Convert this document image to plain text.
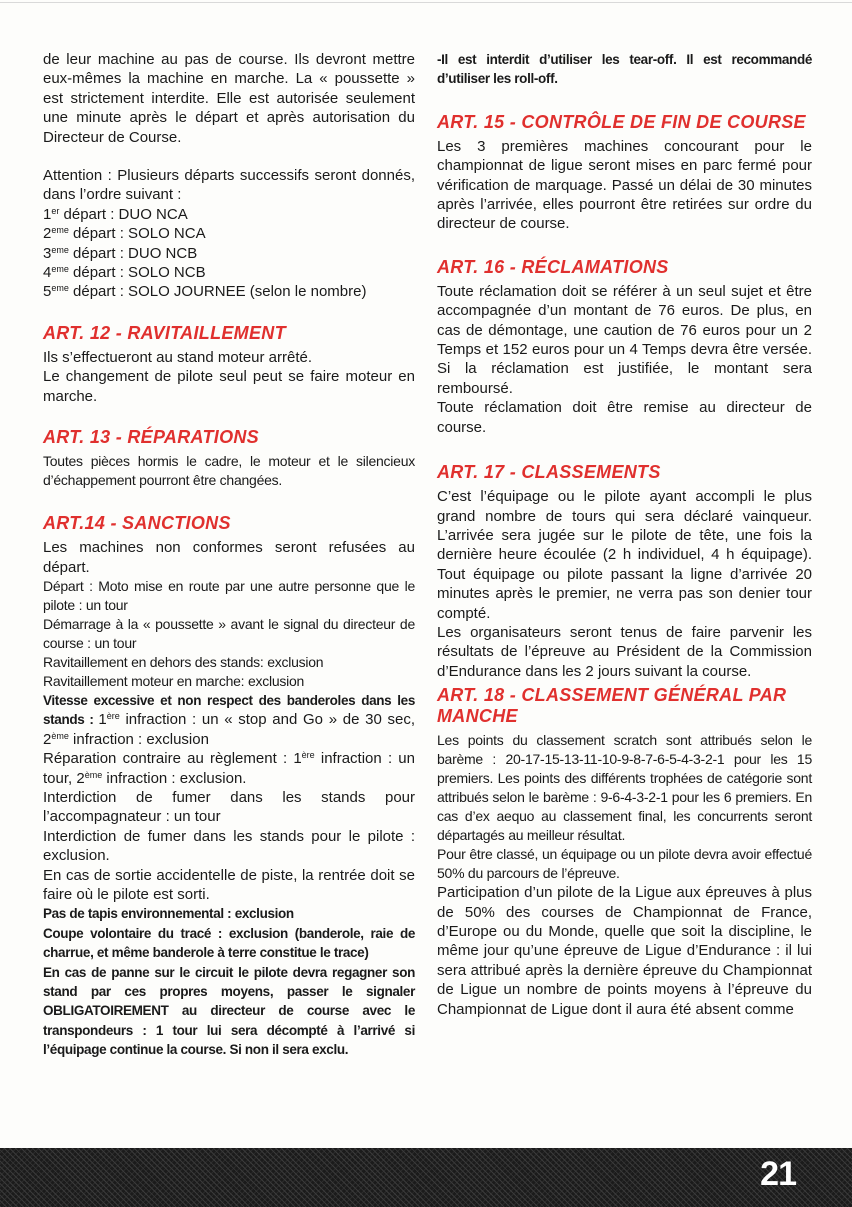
de leur machine au pas de course. Ils devront mettre eux-mêmes la machine en marche. La « poussette » est strictement interdite. Elle est autorisée seulement une minute après le départ et après autorisation du Directeur de Course.

Attention : Plusieurs départs successifs seront donnés, dans l’ordre suivant :

1er départ : DUO NCA

2eme départ : SOLO NCA

3eme départ : DUO NCB

4eme départ : SOLO NCB

5eme départ : SOLO JOURNEE (selon le nombre)

ART. 12 - RAVITAILLEMENT

Ils s’effectueront au stand moteur arrêté.

Le changement de pilote seul peut se faire moteur en marche.

ART. 13 - RÉPARATIONS

Toutes pièces hormis le cadre, le moteur et le silencieux d’échappement pourront être changées.

ART.14 - SANCTIONS

Les machines non conformes seront refusées au départ.

Départ : Moto mise en route par une autre personne que le pilote : un tour

Démarrage à la « poussette » avant le signal du directeur de course : un tour

Ravitaillement en dehors des stands: exclusion

Ravitaillement moteur en marche: exclusion

Vitesse excessive et non respect des banderoles dans les stands : 1ère infraction : un « stop and Go » de 30 sec, 2ème infraction : exclusion

Réparation contraire au règlement : 1ère infraction : un tour, 2ème infraction : exclusion.

Interdiction de fumer dans les stands pour l’accompagnateur : un tour

Interdiction de fumer dans les stands pour le pilote : exclusion.

En cas de sortie accidentelle de piste, la rentrée doit se faire où le pilote est sorti.

Pas de tapis environnemental : exclusion

Coupe volontaire du tracé : exclusion (banderole, raie de charrue, et même banderole à terre constitue le trace)

En cas de panne sur le circuit le pilote devra regagner son stand par ces propres moyens, passer le signaler OBLIGATOIREMENT au directeur de course avec le transpondeurs : 1 tour lui sera décompté à l’arrivé si l’équipage continue la course. Si non il sera exclu.

-Il est interdit d’utiliser les tear-off. Il est recommandé d’utiliser les roll-off.

ART. 15 - CONTRÔLE DE FIN DE COURSE

Les 3 premières machines concourant pour le championnat de ligue seront mises en parc fermé pour vérification de marquage. Passé un délai de 30 minutes après l’arrivée, elles pourront être retirées sur ordre du directeur de course.

ART. 16 - RÉCLAMATIONS

Toute réclamation doit se référer à un seul sujet et être accompagnée d’un montant de 76 euros. De plus, en cas de démontage, une caution de 76 euros pour un 2 Temps et 152 euros pour un 4 Temps devra être versée. Si la réclamation est justifiée, le montant sera remboursé.

Toute réclamation doit être remise au directeur de course.

ART. 17 - CLASSEMENTS

C’est l’équipage ou le pilote ayant accompli le plus grand nombre de tours qui sera déclaré vainqueur. L’arrivée sera jugée sur le pilote de tête, une fois la dernière heure écoulée (2 h individuel, 4 h équipage). Tout équipage ou pilote passant la ligne d’arrivée 20 minutes après le premier, ne verra pas son denier tour compté.

Les organisateurs seront tenus de faire parvenir les résultats de l’épreuve au Président de la Commission d’Endurance dans les 2 jours suivant la course.

ART. 18 - CLASSEMENT GÉNÉRAL PAR MANCHE

Les points du classement scratch sont attribués selon le barème : 20-17-15-13-11-10-9-8-7-6-5-4-3-2-1 pour les 15 premiers. Les points des différents trophées de catégorie sont attribués selon le barème : 9-6-4-3-2-1 pour les 6 premiers. En cas d’ex aequo au classement final, les concurrents seront départagés au meilleur résultat.

Pour être classé, un équipage ou un pilote devra avoir effectué 50% du parcours de l’épreuve.

Participation d’un pilote de la Ligue aux épreuves à plus de 50% des courses de Championnat de France, d’Europe ou du Monde, quelle que soit la discipline, le même jour qu’une épreuve de Ligue d’Endurance : il lui sera attribué après la dernière épreuve du Championnat de Ligue un nombre de points moyens à l’épreuve du Championnat de Ligue dont il aura été absent comme

21
